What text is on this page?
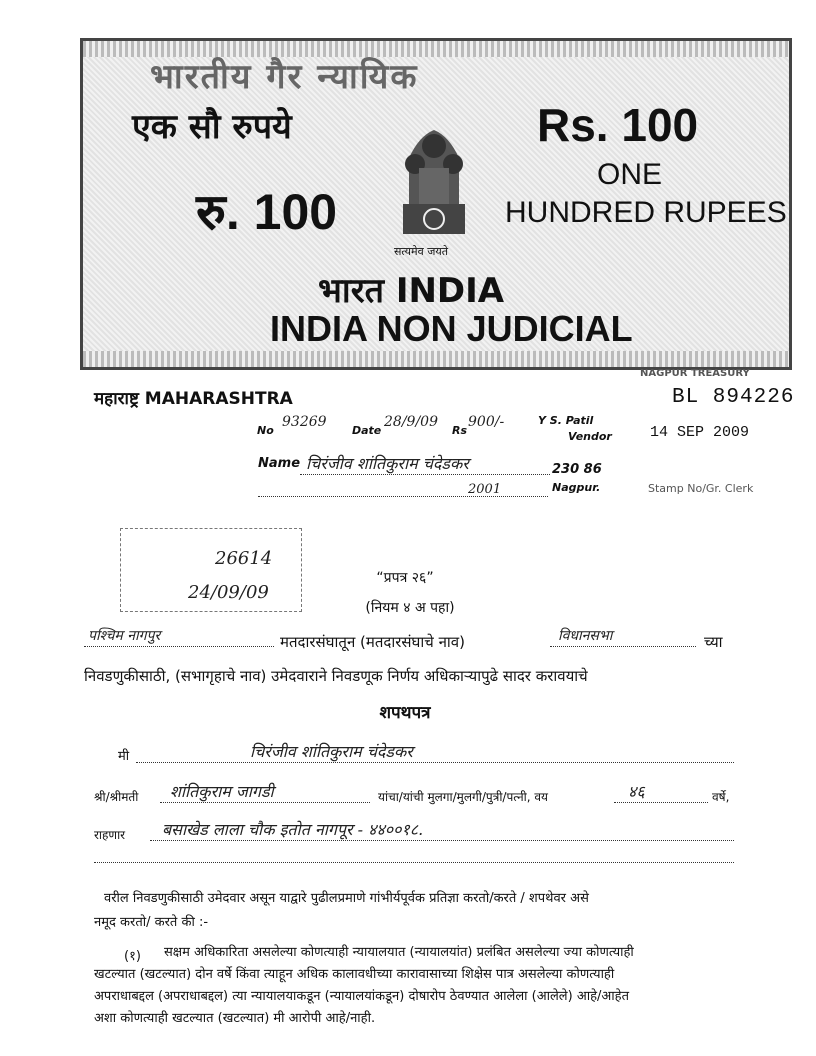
भारतीय गैर न्यायिक
एक सौ रुपये	Rs. 100
रु. 100
ONE
HUNDRED RUPEES
सत्यमेव जयते
भारत INDIA
INDIA NON JUDICIAL
महाराष्ट्र MAHARASHTRA
NAGPUR TREASURY
BL 894226
14 SEP 2009
Stamp No/Gr. Clerk
No
93269
Date
28/9/09
Rs
900/-	Y S. Patil
Vendor
230 86
Nagpur.
Name चिरंजीव शांतिकुराम चंदेडकर
2001
26614
24/09/09
“प्रपत्र २६”
(नियम ४ अ पहा)
पश्चिम नागपुर	मतदारसंघातून (मतदारसंघाचे नाव)	विधानसभा	च्या
निवडणुकीसाठी, (सभागृहाचे नाव) उमेदवाराने निवडणूक निर्णय अधिकाऱ्यापुढे सादर करावयाचे
शपथपत्र
मी	चिरंजीव शांतिकुराम चंदेडकर
श्री/श्रीमती शांतिकुराम जागडी	यांचा/यांची मुलगा/मुलगी/पुत्री/पत्नी, वय	४६	वर्षे,
राहणार बसाखेड लाला चौक इतोत नागपूर - ४४००१८.
वरील निवडणुकीसाठी उमेदवार असून याद्वारे पुढीलप्रमाणे गांभीर्यपूर्वक प्रतिज्ञा करतो/करते / शपथेवर असे
नमूद करतो/ करते की :-
(१) सक्षम अधिकारिता असलेल्या कोणत्याही न्यायालयात (न्यायालयांत) प्रलंबित असलेल्या ज्या कोणत्याही
खटल्यात (खटल्यात) दोन वर्षे किंवा त्याहून अधिक कालावधीच्या कारावासाच्या शिक्षेस पात्र असलेल्या कोणत्याही
अपराधाबद्दल (अपराधाबद्दल) त्या न्यायालयाकडून (न्यायालयांकडून) दोषारोप ठेवण्यात आलेला (आलेले) आहे/आहेत
अशा कोणत्याही खटल्यात (खटल्यात) मी आरोपी आहे/नाही.
